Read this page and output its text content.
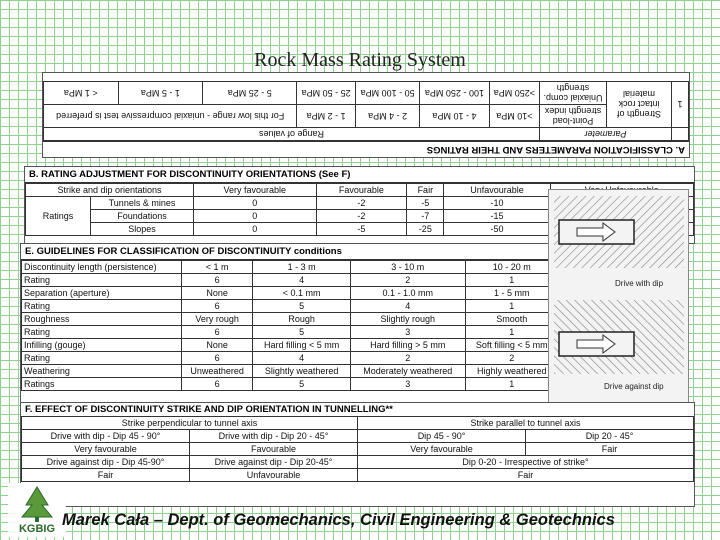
Rock Mass Rating System
A. CLASSIFICATION PARAMETERS AND THEIR RATINGS
	Parameter		Range of values						
1	Strength of intact rock material	Point-load strength index	>10 MPa	4 - 10 MPa	2 - 4 MPa	1 - 2 MPa	For this low range - uniaxial compressive test is preferred		
		Uniaxial comp. strength	>250 MPa	100 - 250 MPa	50 - 100 MPa	25 - 50 MPa	5 - 25 MPa	1 - 5 MPa	< 1 MPa
B. RATING ADJUSTMENT FOR DISCONTINUITY ORIENTATIONS (See F)
Strike and dip orientations		Very favourable	Favourable	Fair	Unfavourable	
Ratings	Tunnels & mines	0	-2	-5	-10	
	Foundations	0	-2	-7	-15	
	Slopes	0	-5	-25	-50	
E. GUIDELINES FOR CLASSIFICATION OF DISCONTINUITY conditions
Discontinuity length (persistence)	< 1 m	1 - 3 m	3 - 10 m	10 - 20 m
Rating	6	4	2	1
Separation (aperture)	None	< 0.1 mm	0.1 - 1.0 mm	1 - 5 mm
Rating	6	5	4	1
Roughness	Very rough	Rough	Slightly rough	Smooth
Rating	6	5	3	1
Infilling (gouge)	None	Hard filling < 5 mm	Hard filling > 5 mm	Soft filling < 5 mm
Rating	6	4	2	2
Weathering	Unweathered	Slightly weathered	Moderately weathered	Highly weathered
Ratings	6	5	3	1
Drive with dip
Drive against dip
F. EFFECT OF DISCONTINUITY STRIKE AND DIP ORIENTATION IN TUNNELLING**
Strike perpendicular to tunnel axis		Strike parallel to tunnel axis	
Drive with dip - Dip 45 - 90°	Drive with dip - Dip 20 - 45°	Dip 45 - 90°	Dip 20 - 45°
Very favourable	Favourable	Very favourable	Fair
Drive against dip - Dip 45-90°	Drive against dip - Dip 20-45°	Dip 0-20 - Irrespective of strike°	
Fair	Unfavourable	Fair	
KGBIG Marek Cała – Dept. of Geomechanics, Civil Engineering & Geotechnics
